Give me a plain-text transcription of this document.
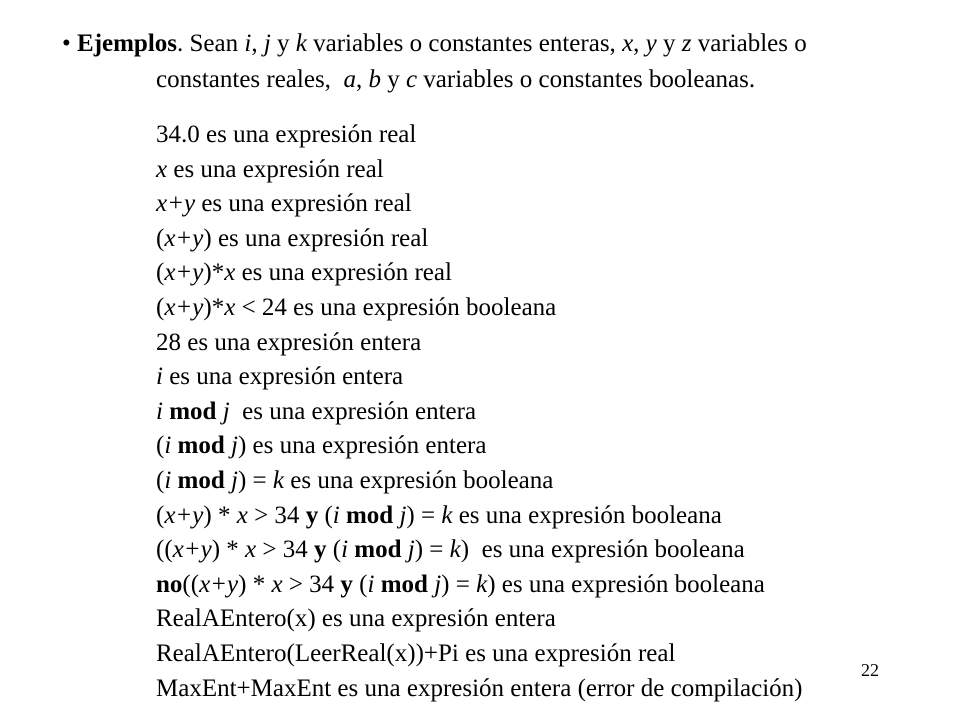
• Ejemplos. Sean i, j y k variables o constantes enteras, x, y y z variables o
constantes reales,  a, b y c variables o constantes booleanas.
34.0 es una expresión real
x es una expresión real
x+y es una expresión real
(x+y) es una expresión real
(x+y)*x es una expresión real
(x+y)*x < 24 es una expresión booleana
28 es una expresión entera
i es una expresión entera
i mod j  es una expresión entera
(i mod j) es una expresión entera
(i mod j) = k es una expresión booleana
(x+y) * x > 34 y (i mod j) = k es una expresión booleana
((x+y) * x > 34 y (i mod j) = k)  es una expresión booleana
no((x+y) * x > 34 y (i mod j) = k) es una expresión booleana
RealAEntero(x) es una expresión entera
RealAEntero(LeerReal(x))+Pi es una expresión real
MaxEnt+MaxEnt es una expresión entera (error de compilación)
22
